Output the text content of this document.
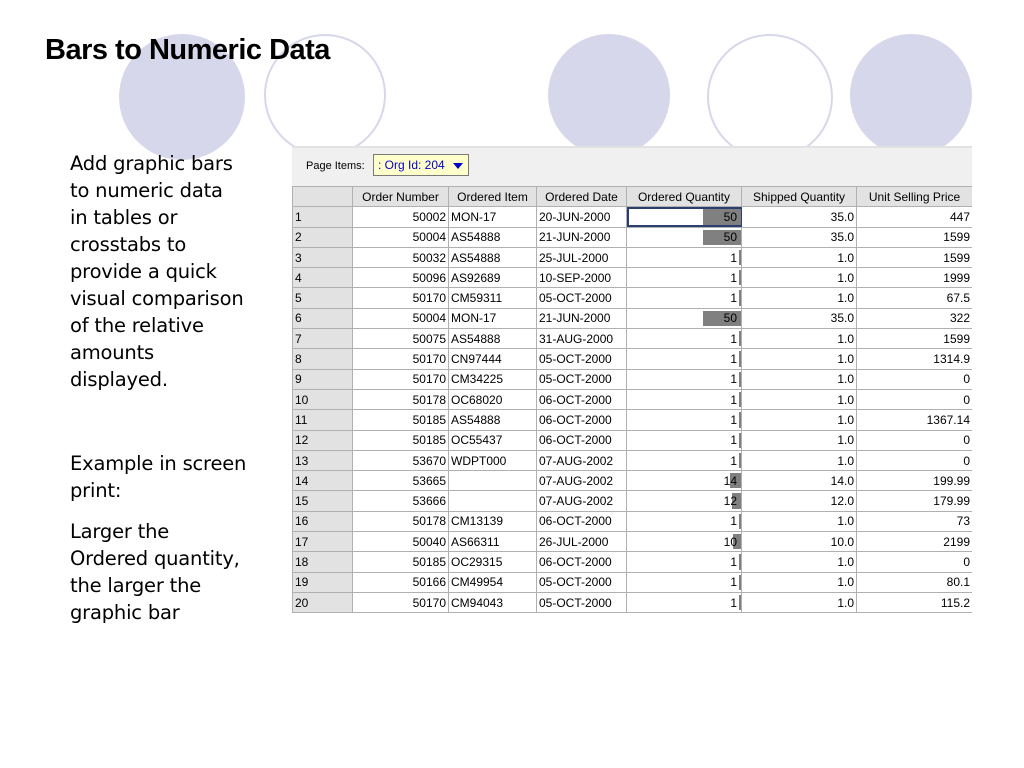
Bars to Numeric Data
Add graphic bars
to numeric data
in tables or
crosstabs to
provide a quick
visual comparison
of the relative
amounts
displayed.
Example in screen
print:
Larger the
Ordered quantity,
the larger the
graphic bar
Page Items:	: Org Id: 204
	Order Number	Ordered Item	Ordered Date	Ordered Quantity	Shipped Quantity	Unit Selling Price
1	50002	MON-17	20-JUN-2000	50	35.0	447
2	50004	AS54888	21-JUN-2000	50	35.0	1599
3	50032	AS54888	25-JUL-2000	1	1.0	1599
4	50096	AS92689	10-SEP-2000	1	1.0	1999
5	50170	CM59311	05-OCT-2000	1	1.0	67.5
6	50004	MON-17	21-JUN-2000	50	35.0	322
7	50075	AS54888	31-AUG-2000	1	1.0	1599
8	50170	CN97444	05-OCT-2000	1	1.0	1314.9
9	50170	CM34225	05-OCT-2000	1	1.0	0
10	50178	OC68020	06-OCT-2000	1	1.0	0
11	50185	AS54888	06-OCT-2000	1	1.0	1367.14
12	50185	OC55437	06-OCT-2000	1	1.0	0
13	53670	WDPT000	07-AUG-2002	1	1.0	0
14	53665		07-AUG-2002	14	14.0	199.99
15	53666		07-AUG-2002	12	12.0	179.99
16	50178	CM13139	06-OCT-2000	1	1.0	73
17	50040	AS66311	26-JUL-2000	10	10.0	2199
18	50185	OC29315	06-OCT-2000	1	1.0	0
19	50166	CM49954	05-OCT-2000	1	1.0	80.1
20	50170	CM94043	05-OCT-2000	1	1.0	115.2
